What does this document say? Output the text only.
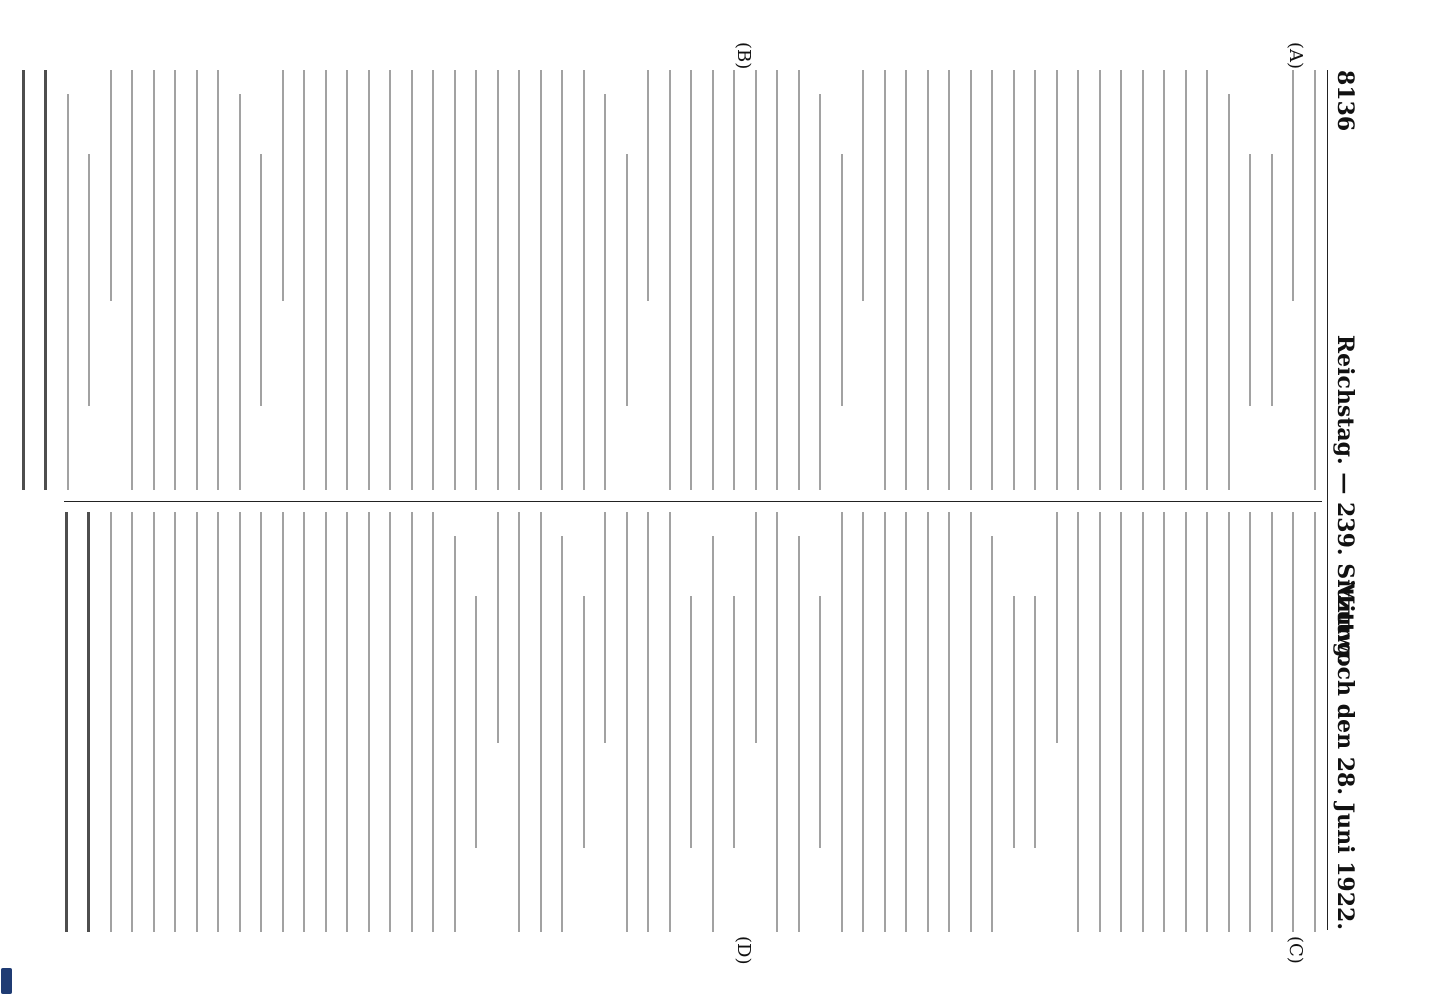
8136
Reichstag. — 239. Sitzung.
Mittwoch den 28. Juni 1922.
(A)
(B)
(C)
(D)
